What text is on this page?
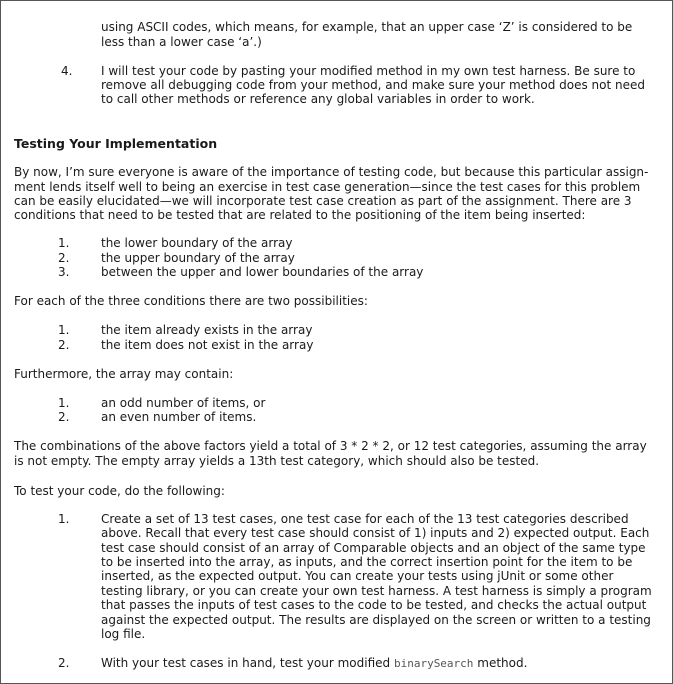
using ASCII codes, which means, for example, that an upper case ‘Z’ is considered to be
less than a lower case ‘a’.)
4. I will test your code by pasting your modified method in my own test harness. Be sure to
remove all debugging code from your method, and make sure your method does not need
to call other methods or reference any global variables in order to work.
Testing Your Implementation
By now, I’m sure everyone is aware of the importance of testing code, but because this particular assign-
ment lends itself well to being an exercise in test case generation—since the test cases for this problem
can be easily elucidated—we will incorporate test case creation as part of the assignment. There are 3
conditions that need to be tested that are related to the positioning of the item being inserted:
1.	the lower boundary of the array
2.	the upper boundary of the array
3.	between the upper and lower boundaries of the array
For each of the three conditions there are two possibilities:
1.	the item already exists in the array
2.	the item does not exist in the array
Furthermore, the array may contain:
1.	an odd number of items, or
2.	an even number of items.
The combinations of the above factors yield a total of 3 * 2 * 2, or 12 test categories, assuming the array
is not empty. The empty array yields a 13th test category, which should also be tested.
To test your code, do the following:
1.	Create a set of 13 test cases, one test case for each of the 13 test categories described
above. Recall that every test case should consist of 1) inputs and 2) expected output. Each
test case should consist of an array of Comparable objects and an object of the same type
to be inserted into the array, as inputs, and the correct insertion point for the item to be
inserted, as the expected output. You can create your tests using jUnit or some other
testing library, or you can create your own test harness. A test harness is simply a program
that passes the inputs of test cases to the code to be tested, and checks the actual output
against the expected output. The results are displayed on the screen or written to a testing
log file.
2.	With your test cases in hand, test your modified binarySearch method.
